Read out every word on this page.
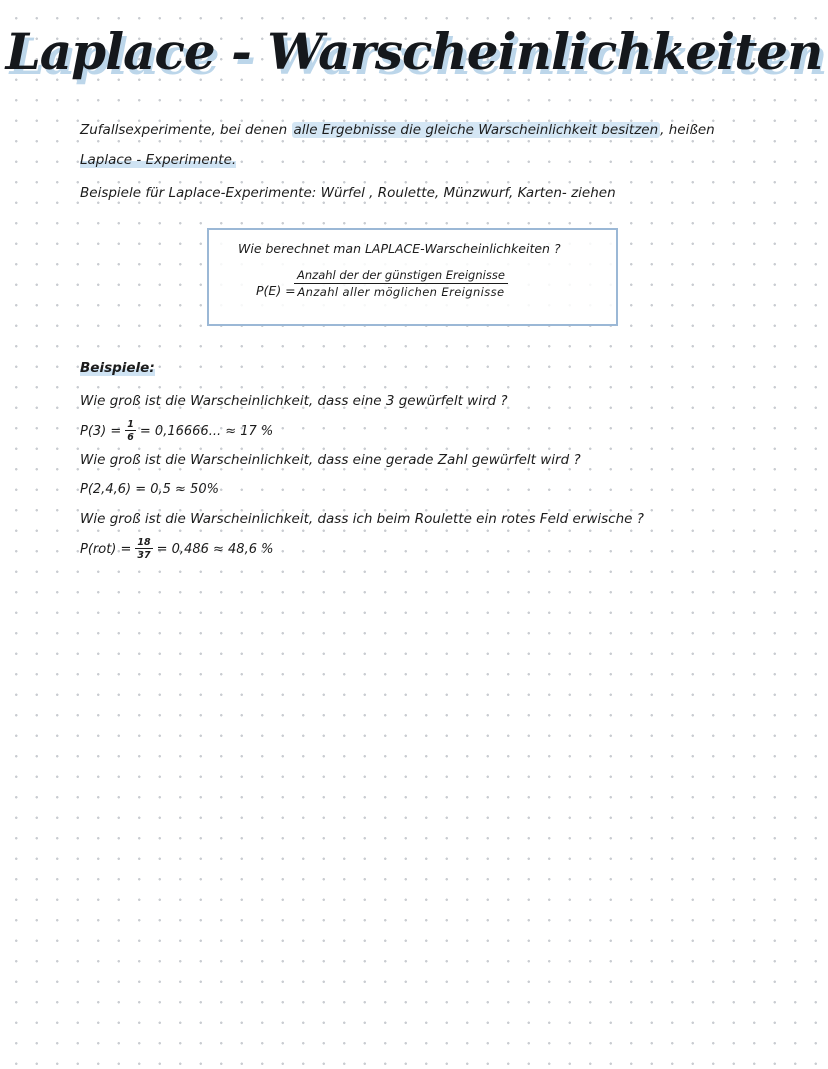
Laplace - Warscheinlichkeiten
Zufallsexperimente, bei denen alle Ergebnisse die gleiche Warscheinlichkeit besitzen , heißen
Laplace - Experimente.
Beispiele für Laplace-Experimente: Würfel , Roulette, Münzwurf, Karten- ziehen
Wie berechnet man LAPLACE-Warscheinlichkeiten ?
P(E) =
Anzahl der der günstigen Ereignisse
Anzahl aller möglichen Ereignisse
Beispiele:
Wie groß ist die Warscheinlichkeit, dass eine 3 gewürfelt wird ?
$P(3) = \frac{1}{6} = 0,16666$... ≈ 17 %
Wie groß ist die Warscheinlichkeit, dass eine gerade Zahl gewürfelt wird ?
P(2,4,6) = 0,5 ≈ 50%
Wie groß ist die Warscheinlichkeit, dass ich beim Roulette ein rotes Feld erwische ?
$P(rot) = \frac{18}{37} = 0,486 \approx 48,6$ %
